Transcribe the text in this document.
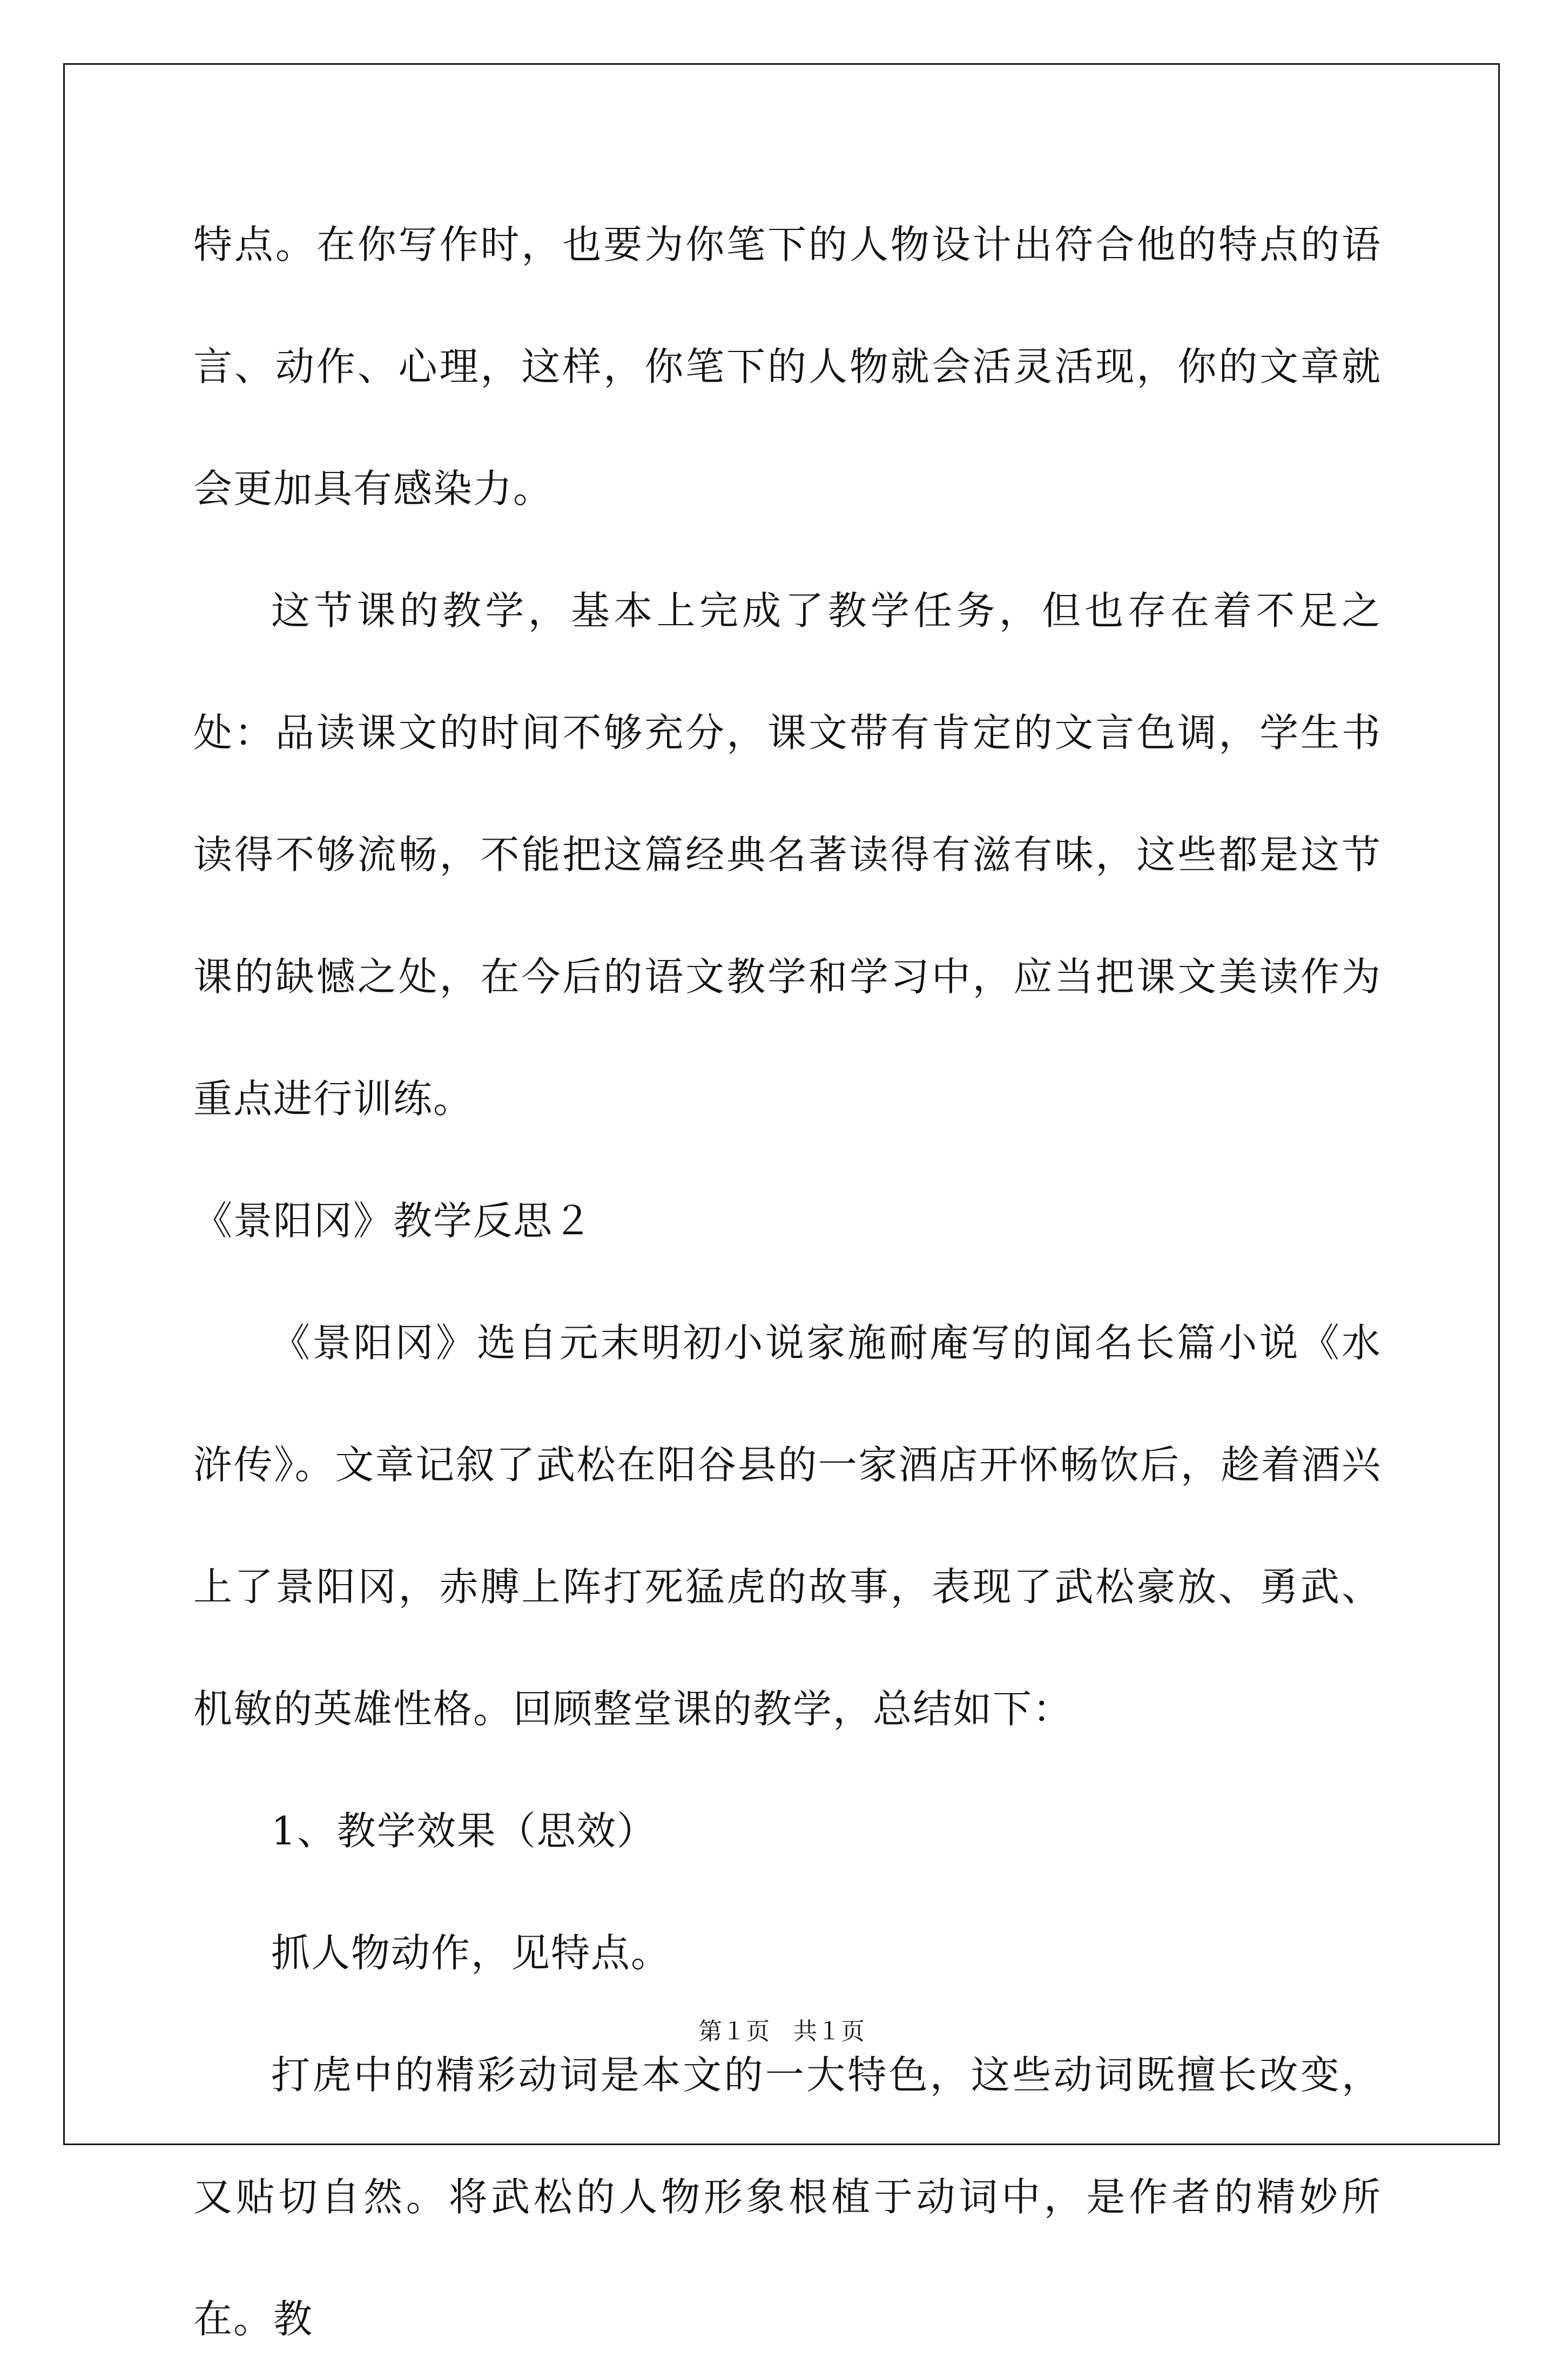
特点。在你写作时，也要为你笔下的人物设计出符合他的特点的语言、动作、心理，这样，你笔下的人物就会活灵活现，你的文章就会更加具有感染力。

这节课的教学，基本上完成了教学任务，但也存在着不足之处：品读课文的时间不够充分，课文带有肯定的文言色调，学生书读得不够流畅，不能把这篇经典名著读得有滋有味，这些都是这节课的缺憾之处，在今后的语文教学和学习中，应当把课文美读作为重点进行训练。

《景阳冈》教学反思２

《景阳冈》选自元末明初小说家施耐庵写的闻名长篇小说《水浒传》。文章记叙了武松在阳谷县的一家酒店开怀畅饮后，趁着酒兴上了景阳冈，赤膊上阵打死猛虎的故事，表现了武松豪放、勇武、机敏的英雄性格。回顾整堂课的教学，总结如下：

1、教学效果（思效）

抓人物动作，见特点。

打虎中的精彩动词是本文的一大特色，这些动词既擅长改变，又贴切自然。将武松的人物形象根植于动词中，是作者的精妙所在。教

第１页　共１页
